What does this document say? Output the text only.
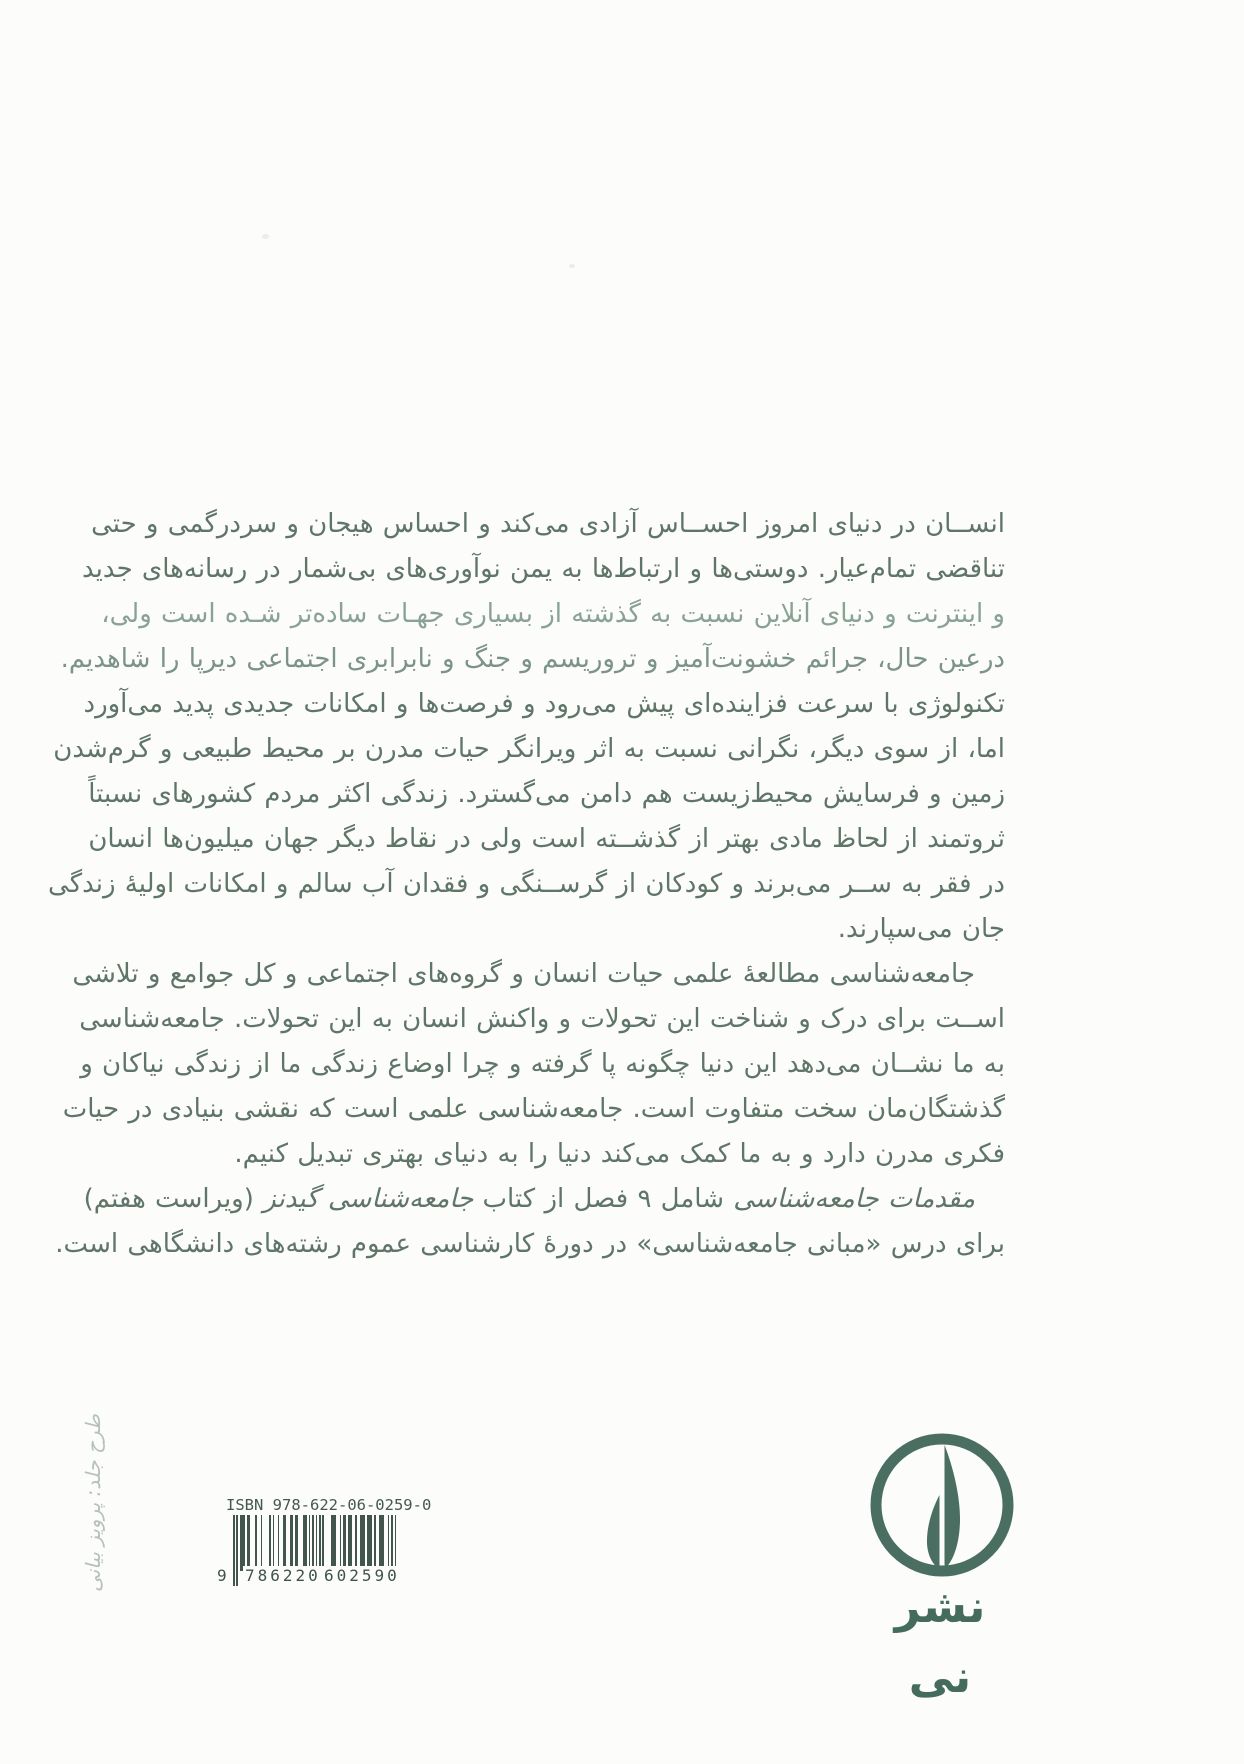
انســان در دنیای امروز احســاس آزادی می‌کند و احساس هیجان و سردرگمی و حتی
تناقضی تمام‌عیار. دوستی‌ها و ارتباط‌ها به یمن نوآوری‌های بی‌شمار در رسانه‌های جدید
و اینترنت و دنیای آنلاین نسبت به گذشته از بسیاری جهـات ساده‌تر شـده است ولی،
درعین حال، جرائم خشونت‌آمیز و تروریسم و جنگ و نابرابری اجتماعی دیرپا را شاهدیم.
تکنولوژی با سرعت فزاینده‌ای پیش می‌رود و فرصت‌ها و امکانات جدیدی پدید می‌آورد
اما، از سوی دیگر، نگرانی نسبت به اثر ویرانگر حیات مدرن بر محیط طبیعی و گرم‌شدن
زمین و فرسایش محیط‌زیست هم دامن می‌گسترد. زندگی اکثر مردم کشورهای نسبتاً
ثروتمند از لحاظ مادی بهتر از گذشــته است ولی در نقاط دیگر جهان میلیون‌ها انسان
در فقر به ســر می‌برند و کودکان از گرســنگی و فقدان آب سالم و امکانات اولیهٔ زندگی
جان می‌سپارند.
جامعه‌شناسی مطالعهٔ علمی حیات انسان و گروه‌های اجتماعی و کل جوامع و تلاشی
اســت برای درک و شناخت این تحولات و واکنش انسان به این تحولات. جامعه‌شناسی
به ما نشــان می‌دهد این دنیا چگونه پا گرفته و چرا اوضاع زندگی ما از زندگی نیاکان و
گذشتگان‌مان سخت متفاوت است. جامعه‌شناسی علمی است که نقشی بنیادی در حیات
فکری مدرن دارد و به ما کمک می‌کند دنیا را به دنیای بهتری تبدیل کنیم.
مقدمات جامعه‌شناسی شامل ۹ فصل از کتاب جامعه‌شناسی گیدنز (ویراست هفتم)
برای درس «مبانی جامعه‌شناسی» در دورهٔ کارشناسی عموم رشته‌های دانشگاهی است.
طرح جلد: پرویز بیانی	ISBN 978-622-06-0259-0
9 786220 602590
نشر نی
